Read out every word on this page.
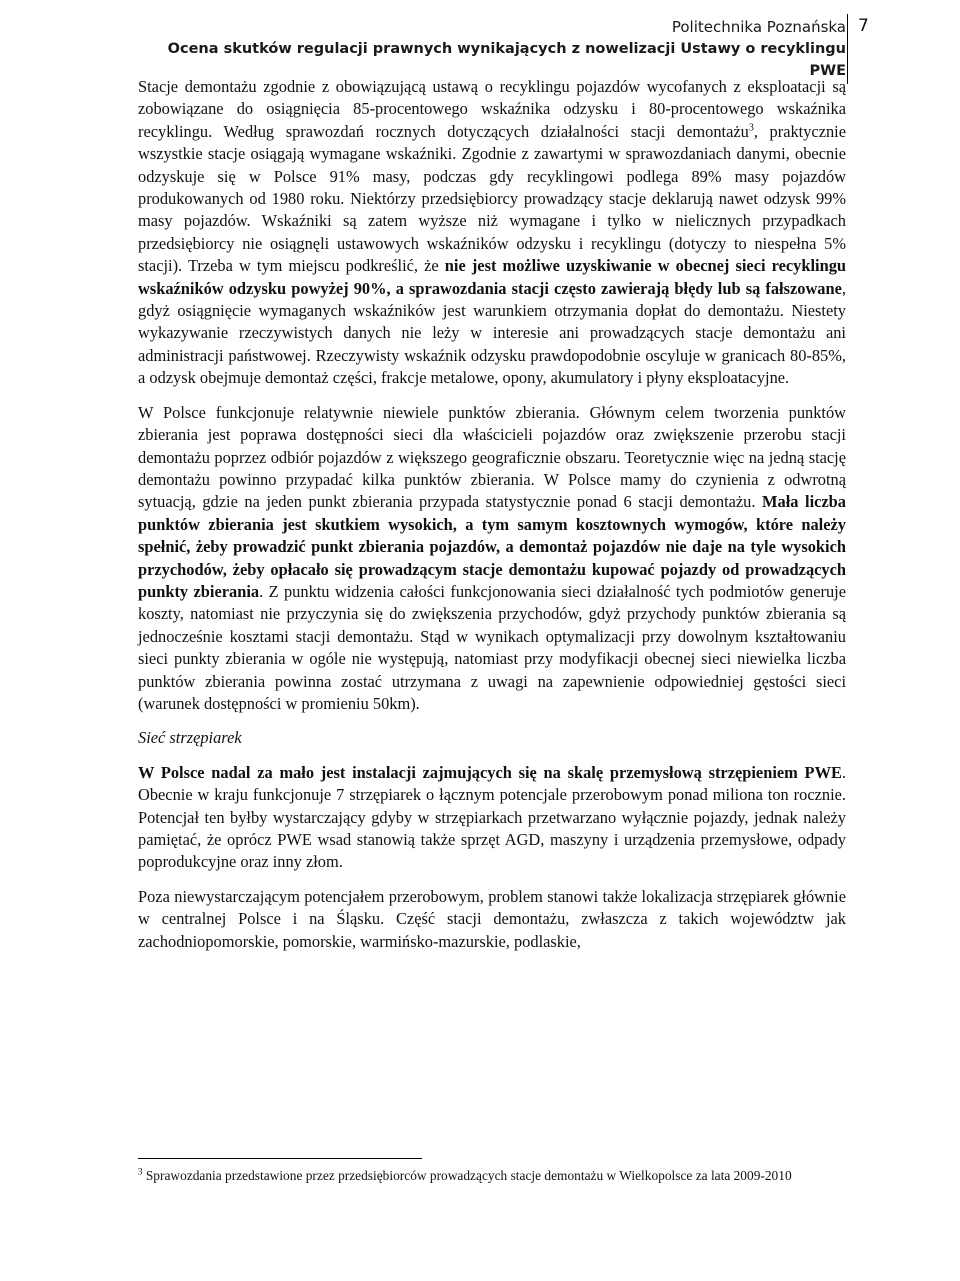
Politechnika Poznańska
Ocena skutków regulacji prawnych wynikających z nowelizacji Ustawy o recyklingu
PWE
7

Stacje demontażu zgodnie z obowiązującą ustawą o recyklingu pojazdów wycofanych z eksploatacji są zobowiązane do osiągnięcia 85-procentowego wskaźnika odzysku i 80-procentowego wskaźnika recyklingu. Według sprawozdań rocznych dotyczących działalności stacji demontażu$^3$, praktycznie wszystkie stacje osiągają wymagane wskaźniki. Zgodnie z zawartymi w sprawozdaniach danymi, obecnie odzyskuje się w Polsce 91% masy, podczas gdy recyklingowi podlega 89% masy pojazdów produkowanych od 1980 roku. Niektórzy przedsiębiorcy prowadzący stacje deklarują nawet odzysk 99% masy pojazdów. Wskaźniki są zatem wyższe niż wymagane i tylko w nielicznych przypadkach przedsiębiorcy nie osiągnęli ustawowych wskaźników odzysku i recyklingu (dotyczy to niespełna 5% stacji). Trzeba w tym miejscu podkreślić, że nie jest możliwe uzyskiwanie w obecnej sieci recyklingu wskaźników odzysku powyżej 90%, a sprawozdania stacji często zawierają błędy lub są fałszowane, gdyż osiągnięcie wymaganych wskaźników jest warunkiem otrzymania dopłat do demontażu. Niestety wykazywanie rzeczywistych danych nie leży w interesie ani prowadzących stacje demontażu ani administracji państwowej. Rzeczywisty wskaźnik odzysku prawdopodobnie oscyluje w granicach 80-85%, a odzysk obejmuje demontaż części, frakcje metalowe, opony, akumulatory i płyny eksploatacyjne.

W Polsce funkcjonuje relatywnie niewiele punktów zbierania. Głównym celem tworzenia punktów zbierania jest poprawa dostępności sieci dla właścicieli pojazdów oraz zwiększenie przerobu stacji demontażu poprzez odbiór pojazdów z większego geograficznie obszaru. Teoretycznie więc na jedną stację demontażu powinno przypadać kilka punktów zbierania. W Polsce mamy do czynienia z odwrotną sytuacją, gdzie na jeden punkt zbierania przypada statystycznie ponad 6 stacji demontażu. Mała liczba punktów zbierania jest skutkiem wysokich, a tym samym kosztownych wymogów, które należy spełnić, żeby prowadzić punkt zbierania pojazdów, a demontaż pojazdów nie daje na tyle wysokich przychodów, żeby opłacało się prowadzącym stacje demontażu kupować pojazdy od prowadzących punkty zbierania. Z punktu widzenia całości funkcjonowania sieci działalność tych podmiotów generuje koszty, natomiast nie przyczynia się do zwiększenia przychodów, gdyż przychody punktów zbierania są jednocześnie kosztami stacji demontażu. Stąd w wynikach optymalizacji przy dowolnym kształtowaniu sieci punkty zbierania w ogóle nie występują, natomiast przy modyfikacji obecnej sieci niewielka liczba punktów zbierania powinna zostać utrzymana z uwagi na zapewnienie odpowiedniej gęstości sieci (warunek dostępności w promieniu 50km).

Sieć strzępiarek

W Polsce nadal za mało jest instalacji zajmujących się na skalę przemysłową strzępieniem PWE. Obecnie w kraju funkcjonuje 7 strzępiarek o łącznym potencjale przerobowym ponad miliona ton rocznie. Potencjał ten byłby wystarczający gdyby w strzępiarkach przetwarzano wyłącznie pojazdy, jednak należy pamiętać, że oprócz PWE wsad stanowią także sprzęt AGD, maszyny i urządzenia przemysłowe, odpady poprodukcyjne oraz inny złom.

Poza niewystarczającym potencjałem przerobowym, problem stanowi także lokalizacja strzępiarek głównie w centralnej Polsce i na Śląsku. Część stacji demontażu, zwłaszcza z takich województw jak zachodniopomorskie, pomorskie, warmińsko-mazurskie, podlaskie,

$^3$ Sprawozdania przedstawione przez przedsiębiorców prowadzących stacje demontażu w Wielkopolsce za lata 2009-2010
